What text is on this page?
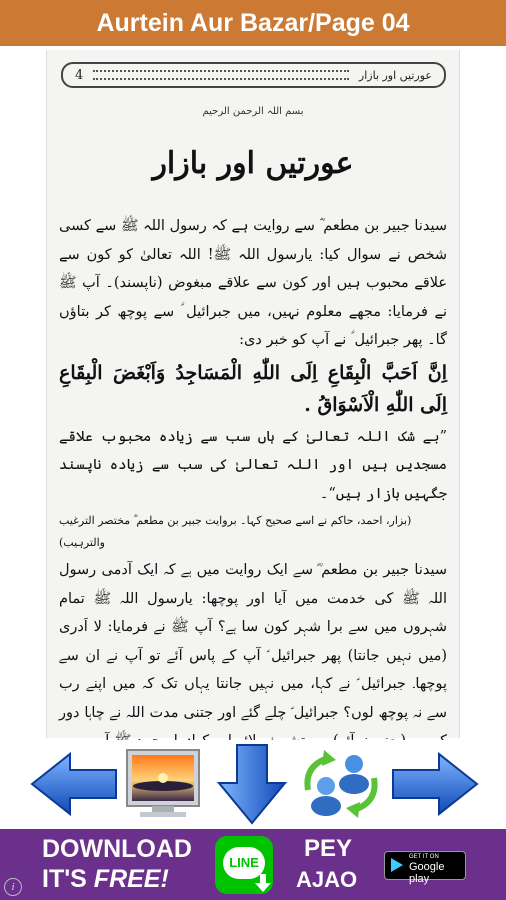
Aurtein Aur Bazar/Page 04
4	عورتیں اور بازار
بسم اللہ الرحمن الرحیم
عورتیں اور بازار

سیدنا جبیر بن مطعم ؓ سے روایت ہے کہ رسول اللہ ﷺ سے کسی شخص نے سوال کیا: یارسول اللہ ﷺ! اللہ تعالیٰ کو کون سے علاقے محبوب ہیں اور کون سے علاقے مبغوض (ناپسند)۔ آپ ﷺ نے فرمایا: مجھے معلوم نہیں، میں جبرائیل ؑ سے پوچھ کر بتاؤں گا۔ پھر جبرائیل ؑ نے آپ کو خبر دی:

اِنَّ اَحَبَّ الْبِقَاعِ اِلَى اللّٰهِ الْمَسَاجِدُ وَاَبْغَضَ الْبِقَاعِ اِلَى اللّٰهِ الْاَسْوَاقُ .

”بے شک اللہ تعالیٰ کے ہاں سب سے زیادہ محبوب علاقے مسجدیں ہیں اور اللہ تعالیٰ کی سب سے زیادہ ناپسند جگہیں بازار ہیں“۔

(بزار، احمد، حاکم نے اسے صحیح کہا۔ بروایت جبیر بن مطعم ؓ مختصر الترغیب والترہیب)

سیدنا جبیر بن مطعم ؓ سے ایک روایت میں ہے کہ ایک آدمی رسول اللہ ﷺ کی خدمت میں آیا اور پوچھا: یارسول اللہ ﷺ تمام شہروں میں سے برا شہر کون سا ہے؟ آپ ﷺ نے فرمایا: لا اَدری (میں نہیں جانتا) پھر جبرائیل ؑ آپ کے پاس آئے تو آپ نے ان سے پوچھا۔ جبرائیل ؑ نے کہا، میں نہیں جانتا یہاں تک کہ میں اپنے رب سے نہ پوچھ لوں؟ جبرائیل ؑ چلے گئے اور جتنی مدت اللہ نے چاہا دور

DOWNLOAD
IT'S FREE!
LINE
PEY
AJAO
GET IT ON
Google play
i
